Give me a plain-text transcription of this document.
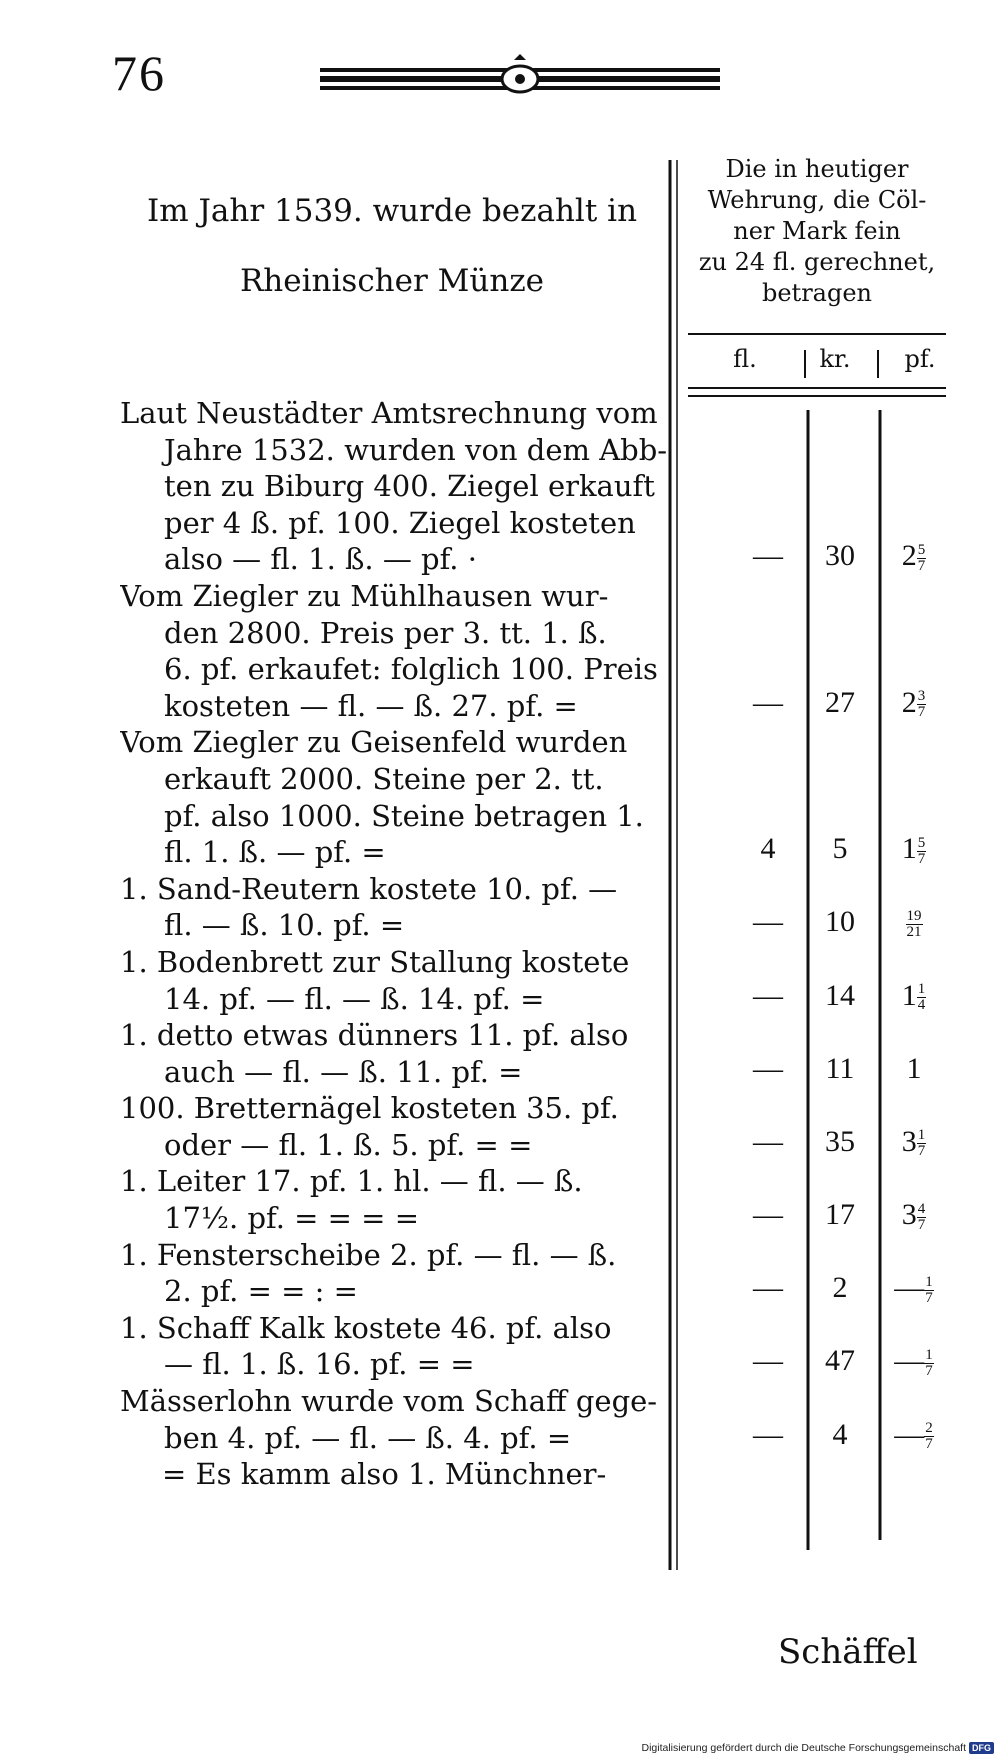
76
Im Jahr 1539. wurde bezahlt in
Rheinischer Münze
Die in heutiger
Wehrung, die Cöl-
ner Mark fein
zu 24 fl. gerechnet,
betragen
fl.	kr.	pf.
Laut Neustädter Amtsrechnung vom
Jahre 1532. wurden von dem Abb-
ten zu Biburg 400. Ziegel erkauft
per 4 ß. pf. 100. Ziegel kosteten
also — fl. 1. ß. — pf. ·
Vom Ziegler zu Mühlhausen wur-
den 2800. Preis per 3. tt. 1. ß.
6. pf. erkaufet: folglich 100. Preis
kosteten — fl. — ß. 27. pf. =
Vom Ziegler zu Geisenfeld wurden
erkauft 2000. Steine per 2. tt.
pf. also 1000. Steine betragen 1.
fl. 1. ß. — pf. =
1. Sand-Reutern kostete 10. pf. —
fl. — ß. 10. pf. =
1. Bodenbrett zur Stallung kostete
14. pf. — fl. — ß. 14. pf. =
1. detto etwas dünners 11. pf. also
auch — fl. — ß. 11. pf. =
100. Bretternägel kosteten 35. pf.
oder — fl. 1. ß. 5. pf. = =
1. Leiter 17. pf. 1. hl. — fl. — ß.
17½. pf. = = = =
1. Fensterscheibe 2. pf. — fl. — ß.
2. pf. = = : =
1. Schaff Kalk kostete 46. pf. also
— fl. 1. ß. 16. pf. = =
Mässerlohn wurde vom Schaff gege-
ben 4. pf. — fl. — ß. 4. pf. =
= Es kamm also 1. Münchner-
—	30	$2 \frac{5}{7}$
—	27	$2 \frac{3}{7}$
4	5	$1 \frac{5}{7}$
—	10	$\frac{19}{21}$
—	14	$1 \frac{1}{4}$
—	11	1
—	35	$3 \frac{1}{7}$
—	17	$3 \frac{4}{7}$
—	2	— $\frac{1}{7}$
—	47	— $\frac{1}{7}$
—	4	— $\frac{2}{7}$
Schäffel
Digitalisierung gefördert durch die Deutsche Forschungsgemeinschaft DFG
